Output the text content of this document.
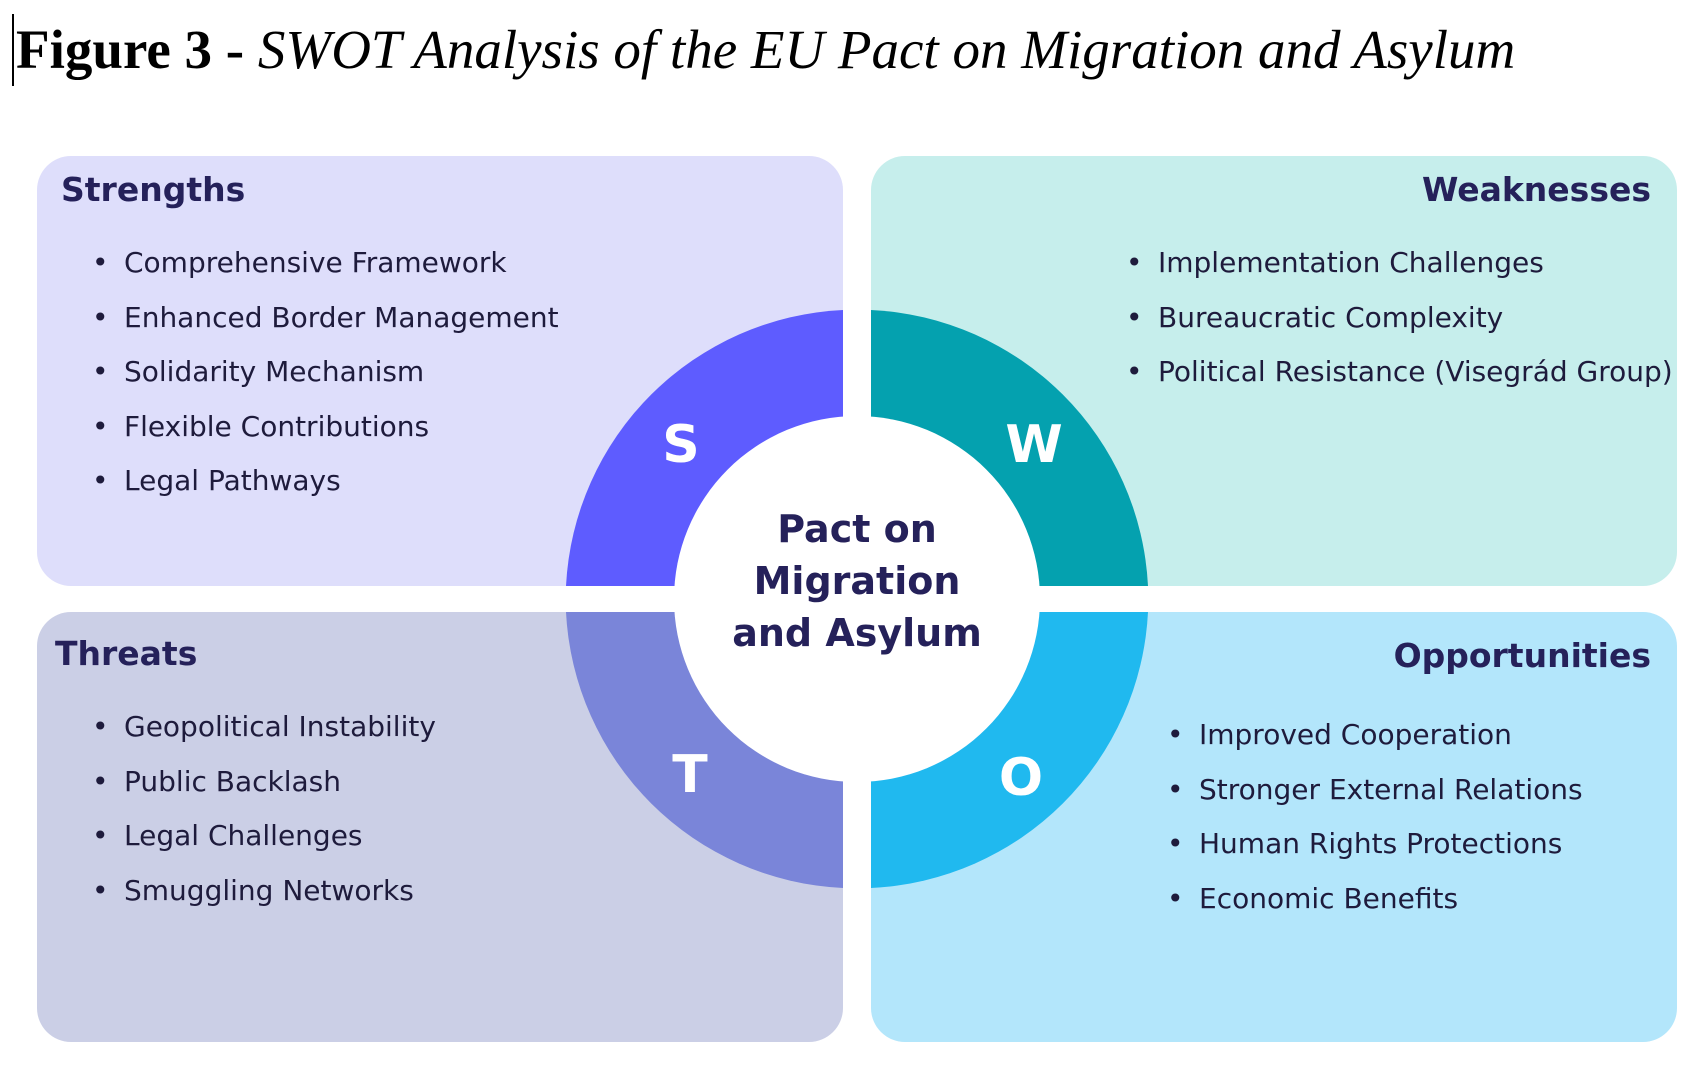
Figure 3 - SWOT Analysis of the EU Pact on Migration and Asylum
Strengths
• Comprehensive Framework
• Enhanced Border Management
• Solidarity Mechanism
• Flexible Contributions
• Legal Pathways
Weaknesses
• Implementation Challenges
• Bureaucratic Complexity
• Political Resistance (Visegrád Group)
Threats
• Geopolitical Instability
• Public Backlash
• Legal Challenges
• Smuggling Networks
Opportunities
• Improved Cooperation
• Stronger External Relations
• Human Rights Protections
• Economic Benefits
S	W
T	O

Pact on
Migration
and Asylum
